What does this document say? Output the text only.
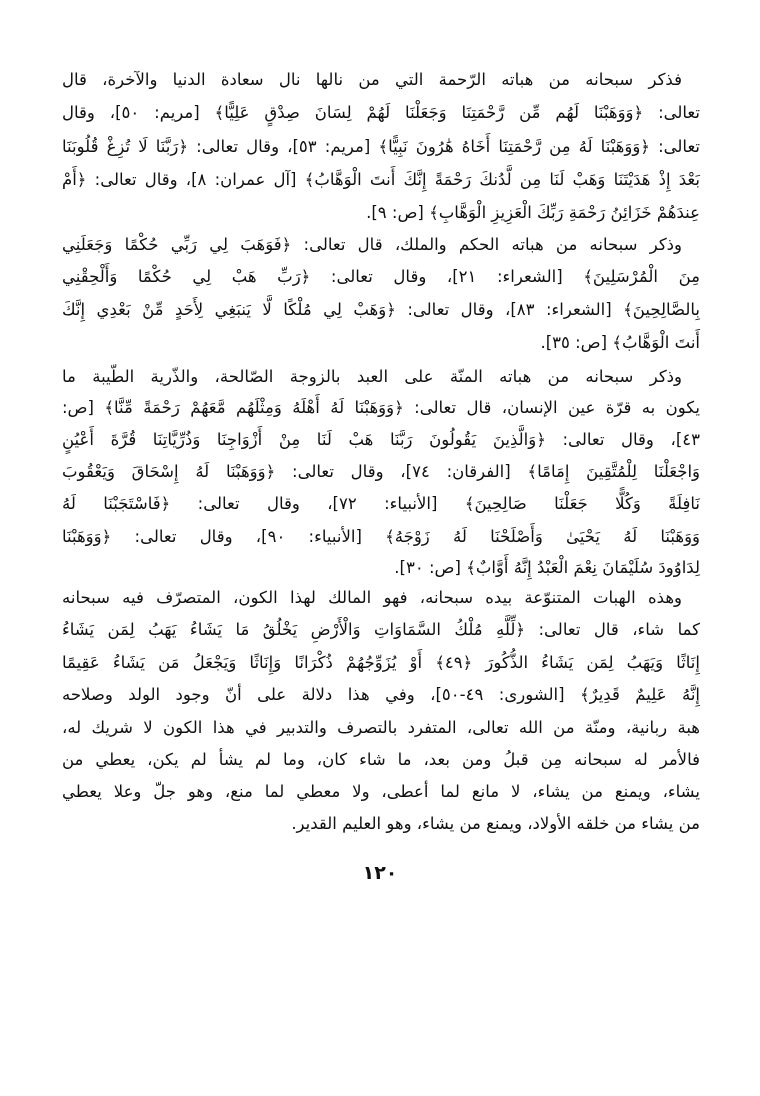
فذكر سبحانه من هباته الرّحمة التي من نالها نال سعادة الدنيا والآخرة، قال
تعالى: ﴿وَوَهَبْنَا لَهُم مِّن رَّحْمَتِنَا وَجَعَلْنَا لَهُمْ لِسَانَ صِدْقٍ عَلِيًّا﴾ [مريم: ٥٠]، وقال
تعالى: ﴿وَوَهَبْنَا لَهُ مِن رَّحْمَتِنَا أَخَاهُ هَٰرُونَ نَبِيًّا﴾ [مريم: ٥٣]، وقال تعالى: ﴿رَبَّنَا لَا تُزِغْ قُلُوبَنَا
بَعْدَ إِذْ هَدَيْتَنَا وَهَبْ لَنَا مِن لَّدُنكَ رَحْمَةً إِنَّكَ أَنتَ الْوَهَّابُ﴾ [آل عمران: ٨]، وقال تعالى: ﴿أَمْ
عِندَهُمْ خَزَائِنُ رَحْمَةِ رَبِّكَ الْعَزِيزِ الْوَهَّابِ﴾ [ص: ٩].
وذكر سبحانه من هباته الحكم والملك، قال تعالى: ﴿فَوَهَبَ لِي رَبِّي حُكْمًا وَجَعَلَنِي
مِنَ الْمُرْسَلِينَ﴾ [الشعراء: ٢١]، وقال تعالى: ﴿رَبِّ هَبْ لِي حُكْمًا وَأَلْحِقْنِي
بِالصَّالِحِينَ﴾ [الشعراء: ٨٣]، وقال تعالى: ﴿وَهَبْ لِي مُلْكًا لَّا يَنبَغِي لِأَحَدٍ مِّنْ بَعْدِي إِنَّكَ
أَنتَ الْوَهَّابُ﴾ [ص: ٣٥].
وذكر سبحانه من هباته المنّة على العبد بالزوجة الصّالحة، والذّرية الطّيبة ما
يكون به قرّة عين الإنسان، قال تعالى: ﴿وَوَهَبْنَا لَهُ أَهْلَهُ وَمِثْلَهُم مَّعَهُمْ رَحْمَةً مِّنَّا﴾ [ص:
٤٣]، وقال تعالى: ﴿وَالَّذِينَ يَقُولُونَ رَبَّنَا هَبْ لَنَا مِنْ أَزْوَاجِنَا وَذُرِّيَّاتِنَا قُرَّةَ أَعْيُنٍ
وَاجْعَلْنَا لِلْمُتَّقِينَ إِمَامًا﴾ [الفرقان: ٧٤]، وقال تعالى: ﴿وَوَهَبْنَا لَهُ إِسْحَاقَ وَيَعْقُوبَ
نَافِلَةً وَكُلًّا جَعَلْنَا صَالِحِينَ﴾ [الأنبياء: ٧٢]، وقال تعالى: ﴿فَاسْتَجَبْنَا لَهُ
وَوَهَبْنَا لَهُ يَحْيَىٰ وَأَصْلَحْنَا لَهُ زَوْجَهُ﴾ [الأنبياء: ٩٠]، وقال تعالى: ﴿وَوَهَبْنَا
لِدَاوُودَ سُلَيْمَانَ نِعْمَ الْعَبْدُ إِنَّهُ أَوَّابٌ﴾ [ص: ٣٠].
وهذه الهبات المتنوّعة بيده سبحانه، فهو المالك لهذا الكون، المتصرّف فيه سبحانه
كما شاء، قال تعالى: ﴿لِّلَّهِ مُلْكُ السَّمَاوَاتِ وَالْأَرْضِ يَخْلُقُ مَا يَشَاءُ يَهَبُ لِمَن يَشَاءُ
إِنَاثًا وَيَهَبُ لِمَن يَشَاءُ الذُّكُورَ ﴿٤٩﴾ أَوْ يُزَوِّجُهُمْ ذُكْرَانًا وَإِنَاثًا وَيَجْعَلُ مَن يَشَاءُ عَقِيمًا
إِنَّهُ عَلِيمٌ قَدِيرٌ﴾ [الشورى: ٤٩-٥٠]، وفي هذا دلالة على أنّ وجود الولد وصلاحه
هبة ربانية، ومنّة من الله تعالى، المتفرد بالتصرف والتدبير في هذا الكون لا شريك له،
فالأمر له سبحانه مِن قبلُ ومن بعد، ما شاء كان، وما لم يشأ لم يكن، يعطي من
يشاء، ويمنع من يشاء، لا مانع لما أعطى، ولا معطي لما منع، وهو جلّ وعلا يعطي
من يشاء من خلقه الأولاد، ويمنع من يشاء، وهو العليم القدير.
١٢٠
